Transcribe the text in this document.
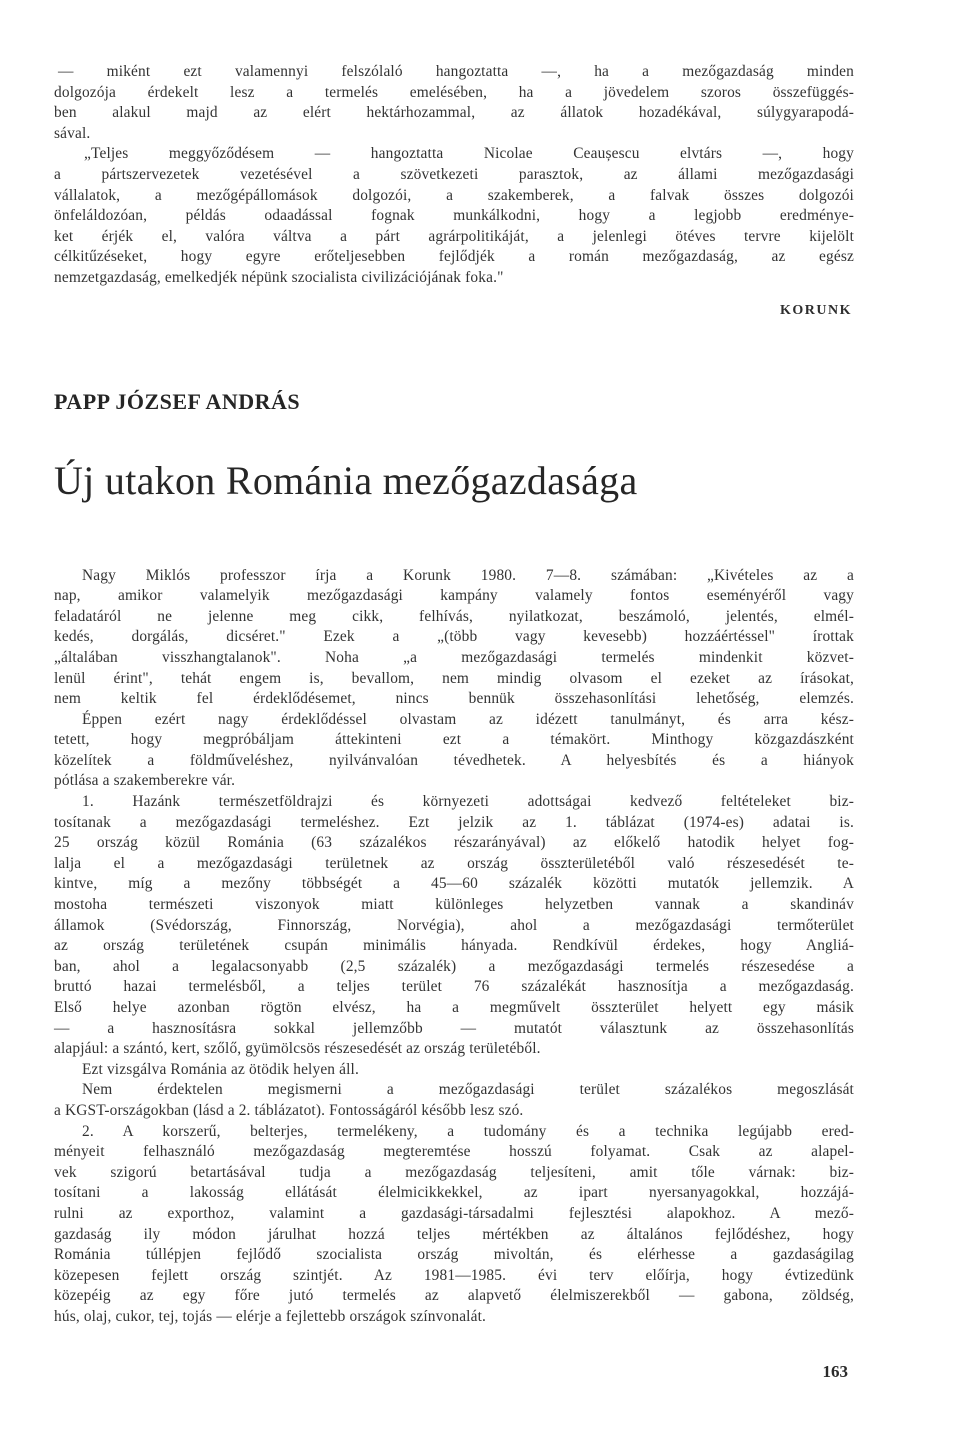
— miként ezt valamennyi felszólaló hangoztatta —, ha a mezőgazdaság minden
dolgozója érdekelt lesz a termelés emelésében, ha a jövedelem szoros összefüggés-
ben alakul majd az elért hektárhozammal, az állatok hozadékával, súlygyarapodá-
sával.
„Teljes meggyőződésem — hangoztatta Nicolae Ceaușescu elvtárs —, hogy
a pártszervezetek vezetésével a szövetkezeti parasztok, az állami mezőgazdasági
vállalatok, a mezőgépállomások dolgozói, a szakemberek, a falvak összes dolgozói
önfeláldozóan, példás odaadással fognak munkálkodni, hogy a legjobb eredménye-
ket érjék el, valóra váltva a párt agrárpolitikáját, a jelenlegi ötéves tervre kijelölt
célkitűzéseket, hogy egyre erőteljesebben fejlődjék a román mezőgazdaság, az egész
nemzetgazdaság, emelkedjék népünk szocialista civilizációjának foka."
KORUNK
PAPP JÓZSEF ANDRÁS
Új utakon Románia mezőgazdasága
Nagy Miklós professzor írja a Korunk 1980. 7—8. számában: „Kivételes az a
nap, amikor valamelyik mezőgazdasági kampány valamely fontos eseményéről vagy
feladatáról ne jelenne meg cikk, felhívás, nyilatkozat, beszámoló, jelentés, elmél-
kedés, dorgálás, dicséret." Ezek a „(több vagy kevesebb) hozzáértéssel" írottak
„általában visszhangtalanok". Noha „a mezőgazdasági termelés mindenkit közvet-
lenül érint", tehát engem is, bevallom, nem mindig olvasom el ezeket az írásokat,
nem keltik fel érdeklődésemet, nincs bennük összehasonlítási lehetőség, elemzés.
Éppen ezért nagy érdeklődéssel olvastam az idézett tanulmányt, és arra kész-
tetett, hogy megpróbáljam áttekinteni ezt a témakört. Minthogy közgazdászként
közelítek a földműveléshez, nyilvánvalóan tévedhetek. A helyesbítés és a hiányok
pótlása a szakemberekre vár.
1. Hazánk természetföldrajzi és környezeti adottságai kedvező feltételeket biz-
tosítanak a mezőgazdasági termeléshez. Ezt jelzik az 1. táblázat (1974-es) adatai is.
25 ország közül Románia (63 százalékos részarányával) az előkelő hatodik helyet fog-
lalja el a mezőgazdasági területnek az ország összterületéből való részesedését te-
kintve, míg a mezőny többségét a 45—60 százalék közötti mutatók jellemzik. A
mostoha természeti viszonyok miatt különleges helyzetben vannak a skandináv
államok (Svédország, Finnország, Norvégia), ahol a mezőgazdasági termőterület
az ország területének csupán minimális hányada. Rendkívül érdekes, hogy Angliá-
ban, ahol a legalacsonyabb (2,5 százalék) a mezőgazdasági termelés részesedése a
bruttó hazai termelésből, a teljes terület 76 százalékát hasznosítja a mezőgazdaság.
Első helye azonban rögtön elvész, ha a megművelt összterület helyett egy másik
— a hasznosításra sokkal jellemzőbb — mutatót választunk az összehasonlítás
alapjául: a szántó, kert, szőlő, gyümölcsös részesedését az ország területéből.
Ezt vizsgálva Románia az ötödik helyen áll.
Nem érdektelen megismerni a mezőgazdasági terület százalékos megoszlását
a KGST-országokban (lásd a 2. táblázatot). Fontosságáról később lesz szó.
2. A korszerű, belterjes, termelékeny, a tudomány és a technika legújabb ered-
ményeit felhasználó mezőgazdaság megteremtése hosszú folyamat. Csak az alapel-
vek szigorú betartásával tudja a mezőgazdaság teljesíteni, amit tőle várnak: biz-
tosítani a lakosság ellátását élelmicikkekkel, az ipart nyersanyagokkal, hozzájá-
rulni az exporthoz, valamint a gazdasági-társadalmi fejlesztési alapokhoz. A mező-
gazdaság ily módon járulhat hozzá teljes mértékben az általános fejlődéshez, hogy
Románia túllépjen fejlődő szocialista ország mivoltán, és elérhesse a gazdaságilag
közepesen fejlett ország szintjét. Az 1981—1985. évi terv előírja, hogy évtizedünk
közepéig az egy főre jutó termelés az alapvető élelmiszerekből — gabona, zöldség,
hús, olaj, cukor, tej, tojás — elérje a fejlettebb országok színvonalát.
163
